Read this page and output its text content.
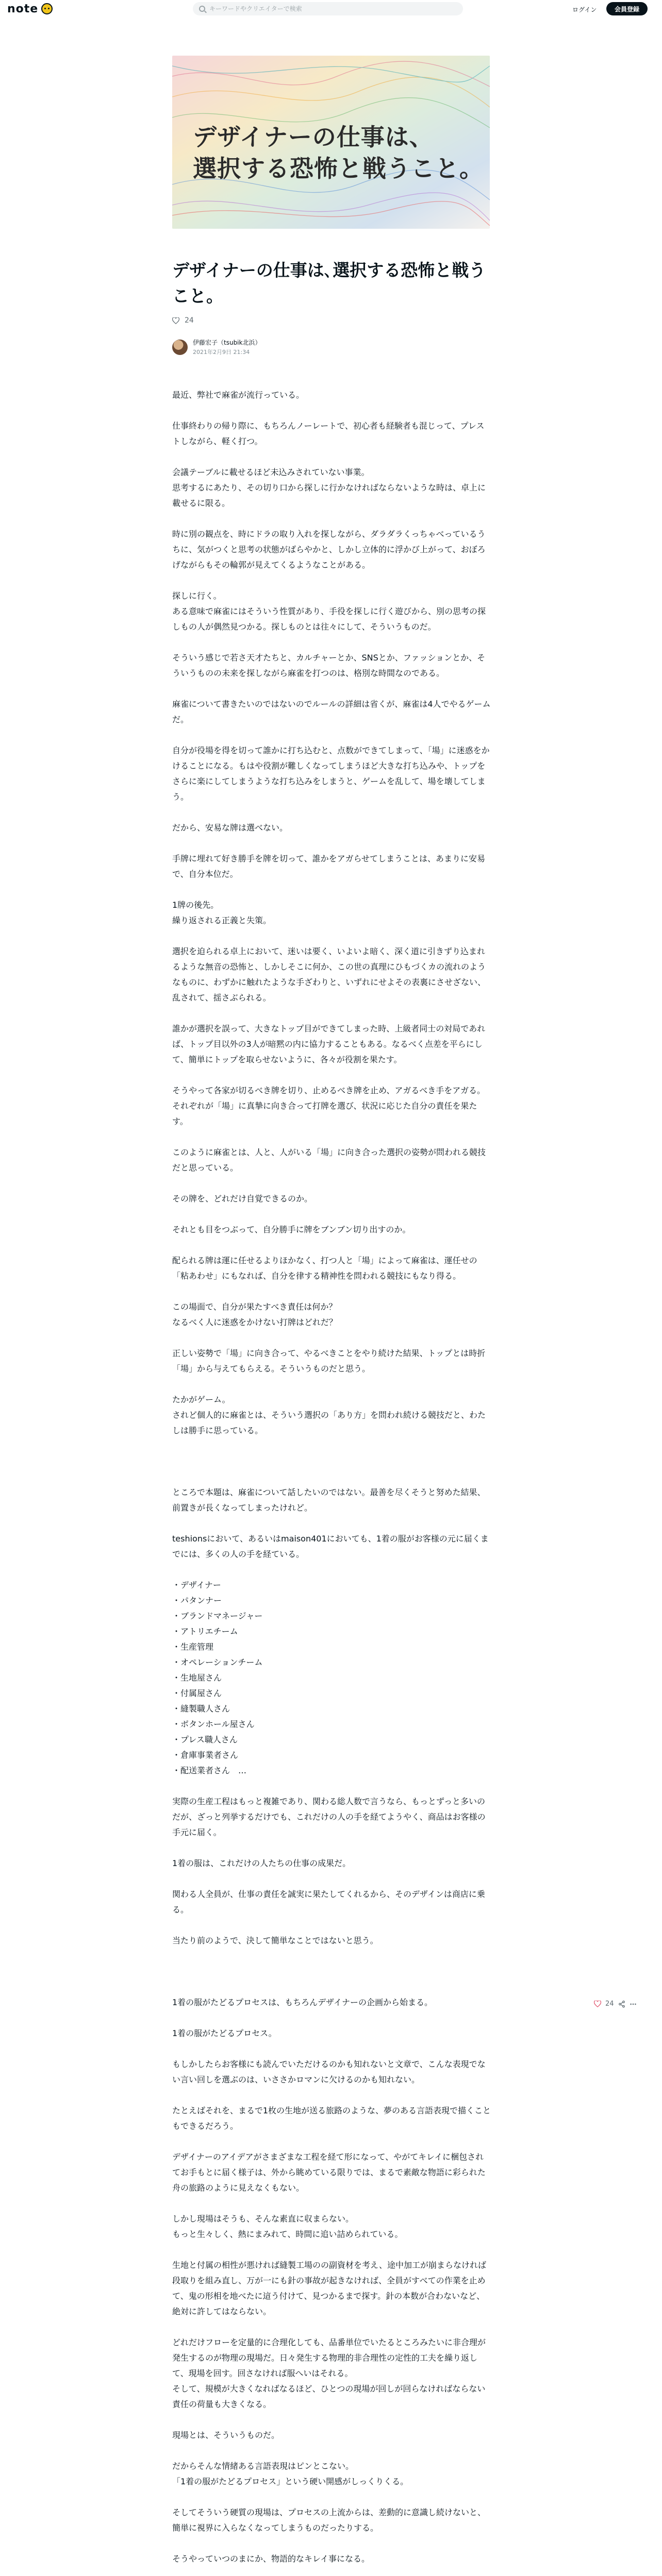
note
キーワードやクリエイターで検索	ログイン	会員登録
デザイナーの仕事は、
選択する恐怖と戦うこと。
デザイナーの仕事は､選択する恐怖と戦うこと。
24
伊藤宏子（tsubik北浜）
2021年2月9日 21:34

最近、弊社で麻雀が流行っている。

仕事終わりの帰り際に、もちろんノーレートで、初心者も経験者も混じって、プレストしながら、軽く打つ。

会議テーブルに載せるほど未込みされていない事業。
思考するにあたり、その切り口から探しに行かなければならないような時は、卓上に載せるに限る。

時に別の観点を、時にドラの取り入れを探しながら、ダラダラくっちゃべっているうちに、気がつくと思考の状態がばらやかと、しかし立体的に浮かび上がって、おぼろげながらもその輪郭が見えてくるようなことがある。

探しに行く。
ある意味で麻雀にはそういう性質があり、手役を探しに行く遊びから、別の思考の探しもの人が偶然見つかる。探しものとは往々にして、そういうものだ。

そういう感じで若さ天才たちと、カルチャーとか、SNSとか、ファッションとか、そういうものの未来を探しながら麻雀を打つのは、格別な時間なのである。

麻雀について書きたいのではないのでルールの詳細は省くが、麻雀は4人でやるゲームだ。

自分が役場を得を切って誰かに打ち込むと、点数ができてしまって、「場」に迷惑をかけることになる。もはや役割が難しくなってしまうほど大きな打ち込みや、トップをさらに楽にしてしまうような打ち込みをしまうと、ゲームを乱して、場を壊してしまう。

だから、安易な牌は選べない。

手牌に埋れて好き勝手を牌を切って、誰かをアガらせてしまうことは、あまりに安易で、自分本位だ。

1牌の後先。
繰り返される正義と失策。

選択を迫られる卓上において、迷いは要く、いよいよ暗く、深く道に引きずり込まれるような無音の恐怖と、しかしそこに何か、この世の真理にひもづくカの流れのようなものに、わずかに触れたような手ざわりと、いずれにせよその表裏にさせざない、乱されて、揺さぶられる。

誰かが選択を誤って、大きなトップ目ができてしまった時、上級者同士の対局であれば、トップ目以外の3人が暗黙の内に協力することもある。なるべく点差を平らにして、簡単にトップを取らせないように、各々が役割を果たす。

そうやって各家が切るべき牌を切り、止めるべき牌を止め、アガるべき手をアガる。それぞれが「場」に真摯に向き合って打牌を選び、状況に応じた自分の責任を果たす。

このように麻雀とは、人と、人がいる「場」に向き合った選択の姿勢が問われる競技だと思っている。

その牌を、どれだけ自覚できるのか。

それとも目をつぶって、自分勝手に牌をブンブン切り出すのか。

配られる牌は運に任せるよりほかなく、打つ人と「場」によって麻雀は、運任せの「粘あわせ」にもなれば、自分を律する精神性を問われる競技にもなり得る。

この場面で、自分が果たすべき責任は何か？
なるべく人に迷惑をかけない打牌はどれだ？

正しい姿勢で「場」に向き合って、やるべきことをやり続けた結果、トップとは時折「場」から与えてもらえる。そういうものだと思う。

たかがゲーム。
されど個人的に麻雀とは、そういう選択の「あり方」を問われ続ける競技だと、わたしは勝手に思っている。

ところで本題は、麻雀について話したいのではない。最善を尽くそうと努めた結果、前置きが長くなってしまったけれど。

teshionsにおいて、あるいはmaison401においても、1着の服がお客様の元に届くまでには、多くの人の手を経ている。

・デザイナー
・パタンナー
・ブランドマネージャー
・アトリエチーム
・生産管理
・オペレーションチーム
・生地屋さん
・付属屋さん
・縫製職人さん
・ボタンホール屋さん
・プレス職人さん
・倉庫事業者さん
・配送業者さん　…

実際の生産工程はもっと複雑であり、関わる総人数で言うなら、もっとずっと多いのだが、ざっと列挙するだけでも、これだけの人の手を経てようやく、商品はお客様の手元に届く。

1着の服は、これだけの人たちの仕事の成果だ。

関わる人全員が、仕事の責任を誠実に果たしてくれるから、そのデザインは商店に乗る。

当たり前のようで、決して簡単なことではないと思う。

1着の服がたどるプロセスは、もちろんデザイナーの企画から始まる。

1着の服がたどるプロセス。

もしかしたらお客様にも読んでいただけるのかも知れないと文章で、こんな表現でない言い回しを選ぶのは、いささかロマンに欠けるのかも知れない。

たとえばそれを、まるで1枚の生地が送る旅路のような、夢のある言語表現で描くこともできるだろう。

デザイナーのアイデアがさまざまな工程を経て形になって、やがてキレイに梱包されてお手もとに届く様子は、外から眺めている限りでは、まるで素敵な物語に彩られた舟の旅路のように見えなくもない。

しかし現場はそうも、そんな素直に収まらない。
もっと生々しく、熱にまみれて、時間に追い詰められている。

生地と付属の相性が悪ければ縫製工場のの副資材を考え、途中加工が崩まらなければ段取りを組み直し、万が一にも針の事故が起きなければ、全員がすべての作業を止めて、鬼の形相を地べたに這う付けて、見つかるまで探す。針の本数が合わないなど、絶対に許してはならない。

どれだけフローを定量的に合理化しても、品番単位でいたるところみたいに非合理が発生するのが物理の現場だ。日々発生する物理的非合理性の定性的工夫を繰り返して、現場を回す。回さなければ服へいはそれる。
そして、規模が大きくなればなるほど、ひとつの現場が回しが回らなければならない責任の荷量も大きくなる。

現場とは、そういうものだ。

だからそんな情緒ある言語表現はピンとこない。
「1着の服がたどるプロセス」という硬い開感がしっくりくる。

そしてそういう硬質の現場は、プロセスの上流からは、差動的に意識し続けないと、簡単に視界に入らなくなってしまうものだったりする。

そうやっていつのまにか、物語的なキレイ事になる。

24
